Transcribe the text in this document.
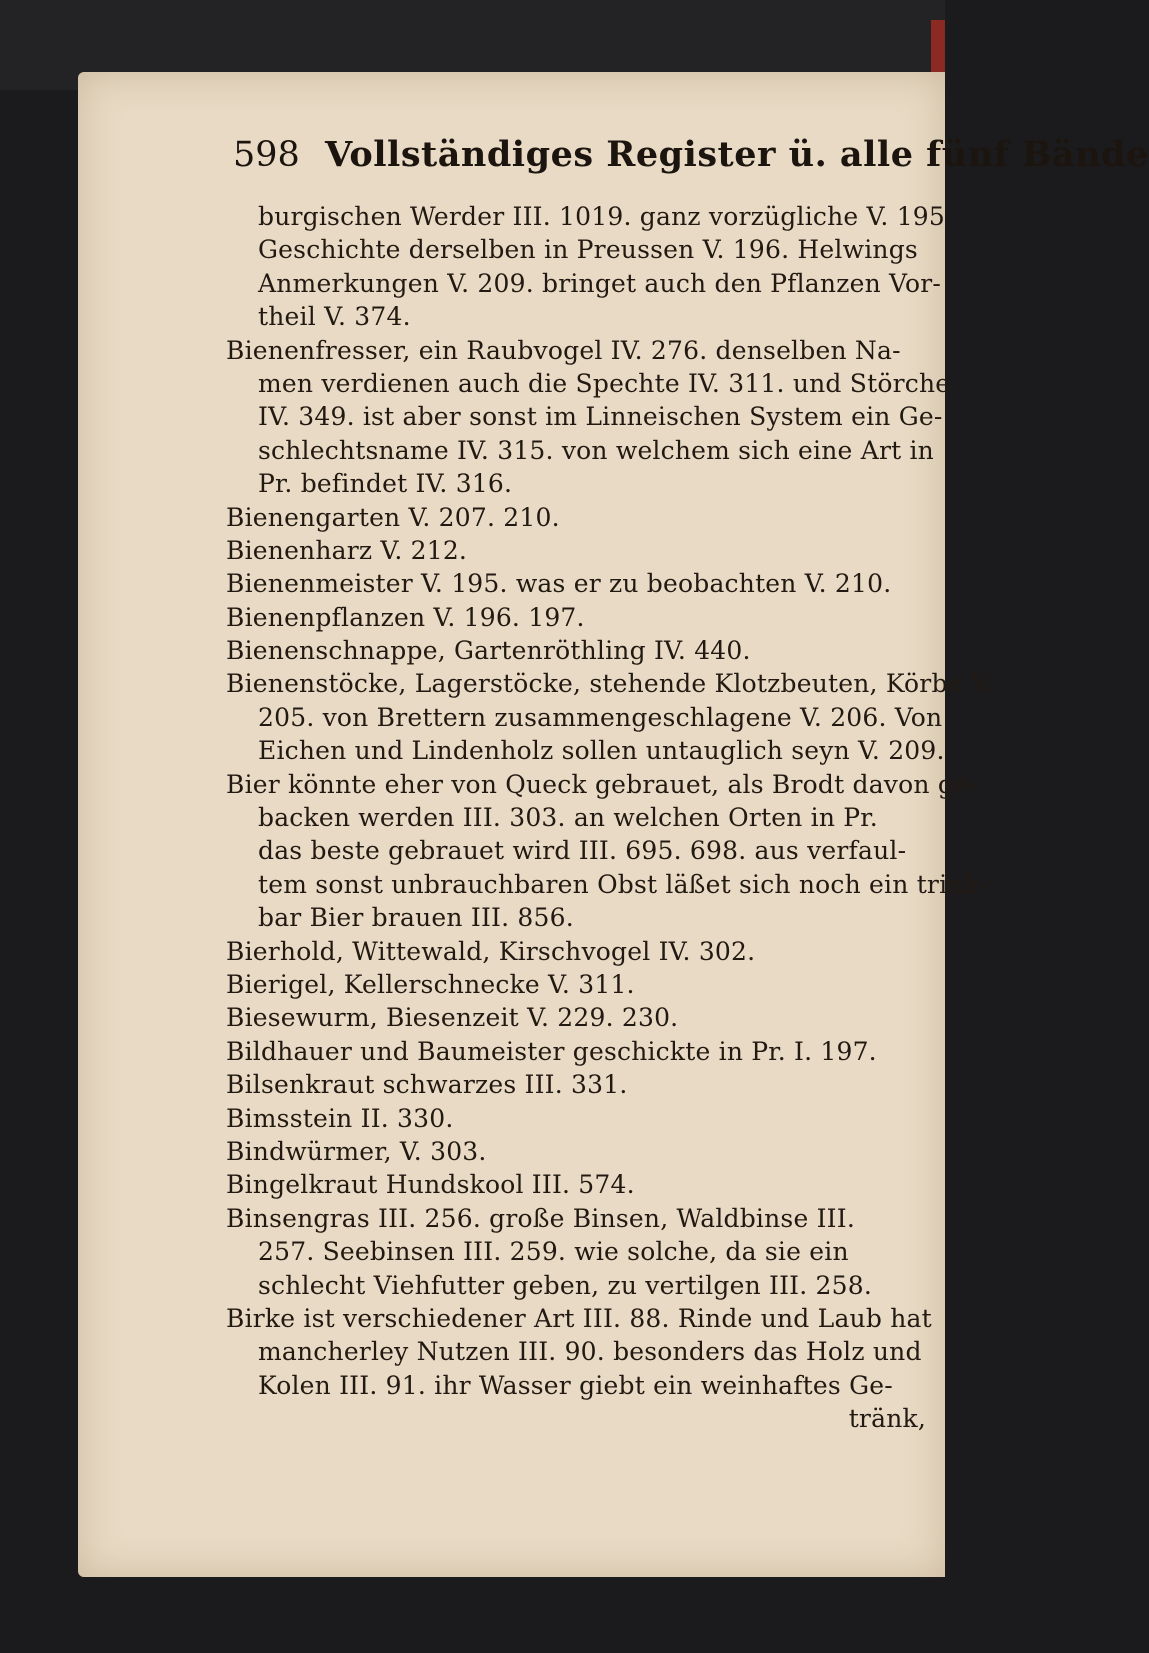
598 Vollständiges Register ü. alle fünf Bände
burgischen Werder III. 1019. ganz vorzügliche V. 195.
Geschichte derselben in Preussen V. 196. Helwings
Anmerkungen V. 209. bringet auch den Pflanzen Vor-
theil V. 374.
Bienenfresser, ein Raubvogel IV. 276. denselben Na-
men verdienen auch die Spechte IV. 311. und Störche
IV. 349. ist aber sonst im Linneischen System ein Ge-
schlechtsname IV. 315. von welchem sich eine Art in
Pr. befindet IV. 316.
Bienengarten V. 207. 210.
Bienenharz V. 212.
Bienenmeister V. 195. was er zu beobachten V. 210.
Bienenpflanzen V. 196. 197.
Bienenschnappe, Gartenröthling IV. 440.
Bienenstöcke, Lagerstöcke, stehende Klotzbeuten, Körbe V.
205. von Brettern zusammengeschlagene V. 206. Von
Eichen und Lindenholz sollen untauglich seyn V. 209.
Bier könnte eher von Queck gebrauet, als Brodt davon ge-
backen werden III. 303. an welchen Orten in Pr.
das beste gebrauet wird III. 695. 698. aus verfaul-
tem sonst unbrauchbaren Obst läßet sich noch ein trink-
bar Bier brauen III. 856.
Bierhold, Wittewald, Kirschvogel IV. 302.
Bierigel, Kellerschnecke V. 311.
Biesewurm, Biesenzeit V. 229. 230.
Bildhauer und Baumeister geschickte in Pr. I. 197.
Bilsenkraut schwarzes III. 331.
Bimsstein II. 330.
Bindwürmer, V. 303.
Bingelkraut Hundskool III. 574.
Binsengras III. 256. große Binsen, Waldbinse III.
257. Seebinsen III. 259. wie solche, da sie ein
schlecht Viehfutter geben, zu vertilgen III. 258.
Birke ist verschiedener Art III. 88. Rinde und Laub hat
mancherley Nutzen III. 90. besonders das Holz und
Kolen III. 91. ihr Wasser giebt ein weinhaftes Ge-
tränk,
